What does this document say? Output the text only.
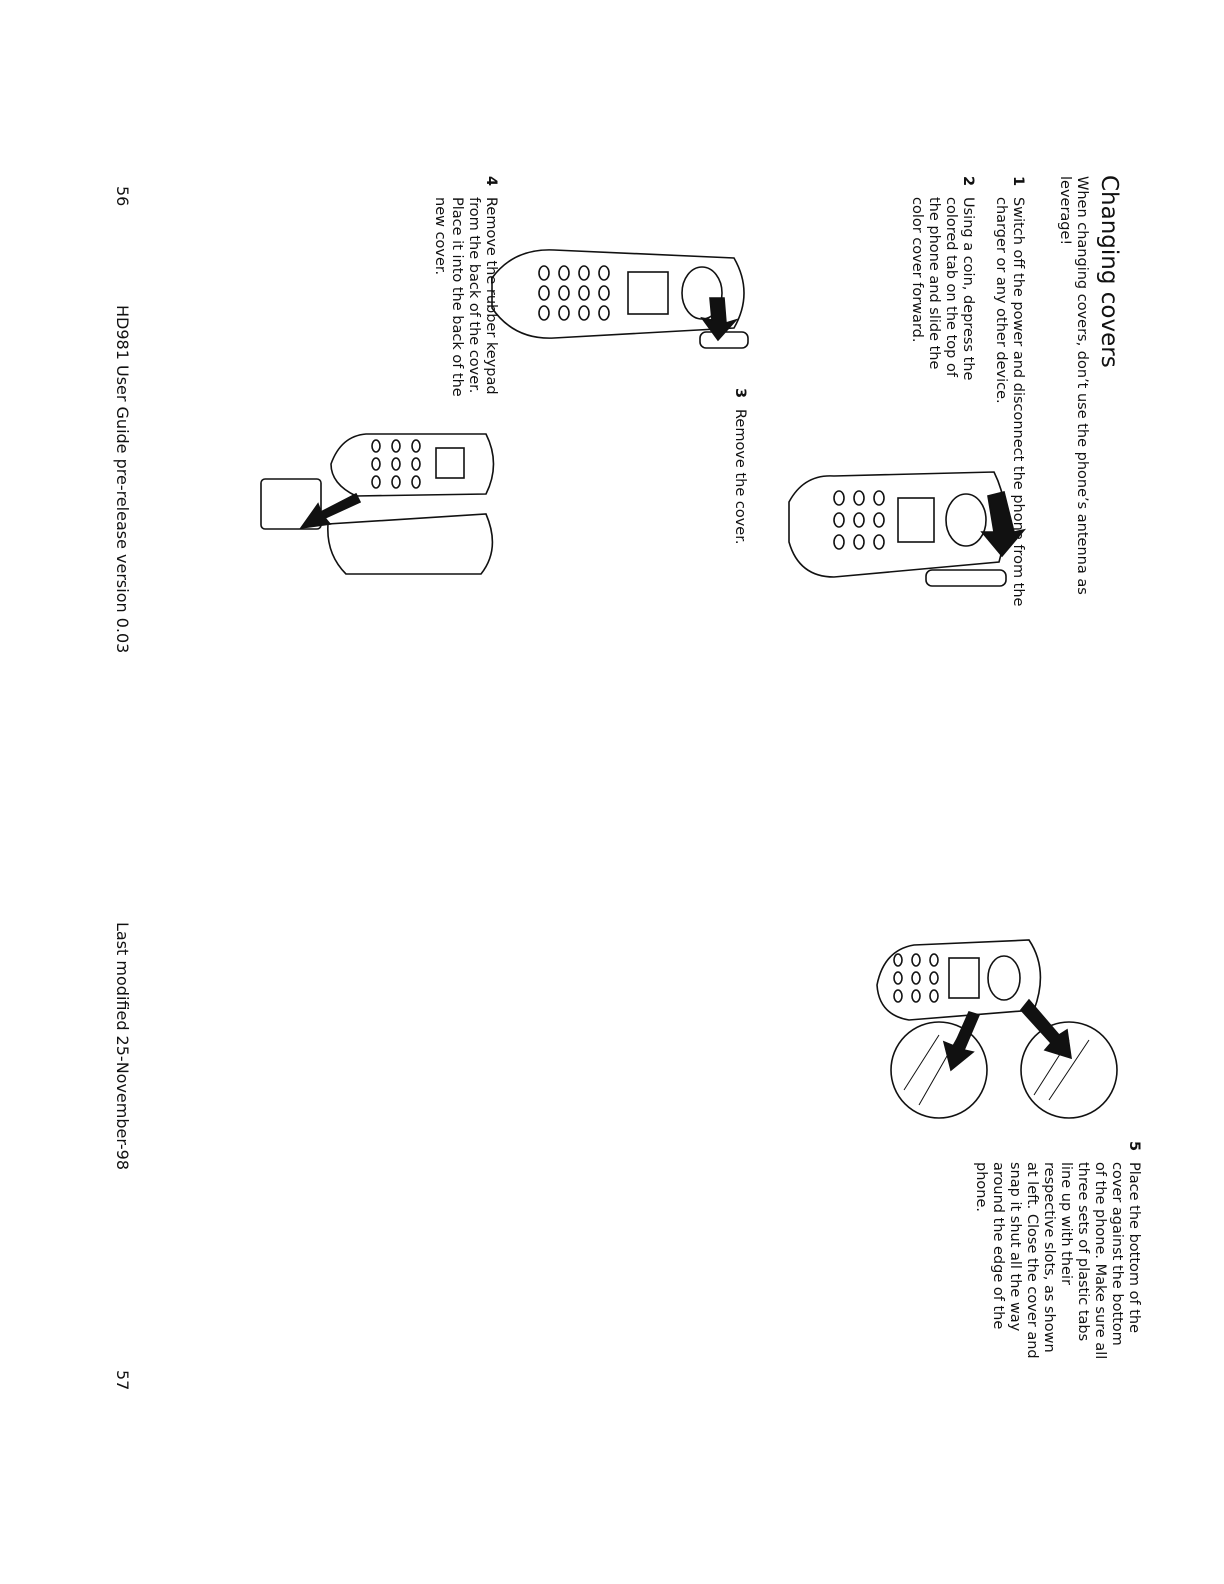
Changing covers
When changing covers, don’t use the phone’s antenna as leverage!
1
Switch off the power and disconnect the phone from the charger or any other device.
2
Using a coin, depress the colored tab on the top of the phone and slide the color cover forward.
3
Remove the cover.
4
Remove the rubber keypad from the back of the cover. Place it into the back of the new cover.
5
Place the bottom of the cover against the bottom of the phone. Make sure all three sets of plastic tabs line up with their respective slots, as shown at left. Close the cover and snap it shut all the way around the edge of the phone.
56
HD981 User Guide pre-release version 0.03
Last modified 25-November-98
57
